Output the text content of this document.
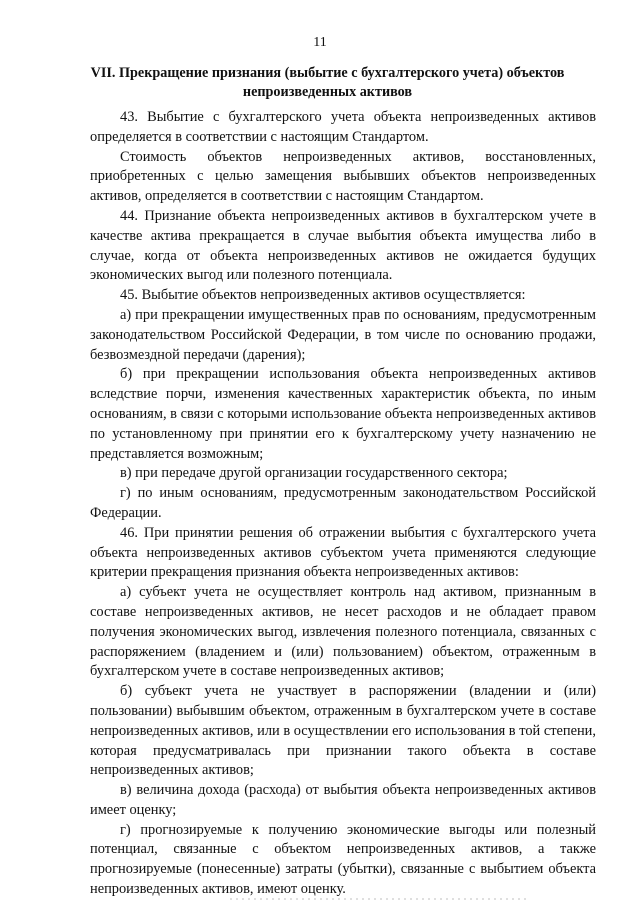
11
VII. Прекращение признания (выбытие с бухгалтерского учета) объектов непроизведенных активов

43. Выбытие с бухгалтерского учета объекта непроизведенных активов определяется в соответствии с настоящим Стандартом.

Стоимость объектов непроизведенных активов, восстановленных, приобретенных с целью замещения выбывших объектов непроизведенных активов, определяется в соответствии с настоящим Стандартом.

44. Признание объекта непроизведенных активов в бухгалтерском учете в качестве актива прекращается в случае выбытия объекта имущества либо в случае, когда от объекта непроизведенных активов не ожидается будущих экономических выгод или полезного потенциала.

45. Выбытие объектов непроизведенных активов осуществляется:

а) при прекращении имущественных прав по основаниям, предусмотренным законодательством Российской Федерации, в том числе по основанию продажи, безвозмездной передачи (дарения);

б) при прекращении использования объекта непроизведенных активов вследствие порчи, изменения качественных характеристик объекта, по иным основаниям, в связи с которыми использование объекта непроизведенных активов по установленному при принятии его к бухгалтерскому учету назначению не представляется возможным;

в) при передаче другой организации государственного сектора;

г) по иным основаниям, предусмотренным законодательством Российской Федерации.

46. При принятии решения об отражении выбытия с бухгалтерского учета объекта непроизведенных активов субъектом учета применяются следующие критерии прекращения признания объекта непроизведенных активов:

а) субъект учета не осуществляет контроль над активом, признанным в составе непроизведенных активов, не несет расходов и не обладает правом получения экономических выгод, извлечения полезного потенциала, связанных с распоряжением (владением и (или) пользованием) объектом, отраженным в бухгалтерском учете в составе непроизведенных активов;

б) субъект учета не участвует в распоряжении (владении и (или) пользовании) выбывшим объектом, отраженным в бухгалтерском учете в составе непроизведенных активов, или в осуществлении его использования в той степени, которая предусматривалась при признании такого объекта в составе непроизведенных активов;

в) величина дохода (расхода) от выбытия объекта непроизведенных активов имеет оценку;

г) прогнозируемые к получению экономические выгоды или полезный потенциал, связанные с объектом непроизведенных активов, а также прогнозируемые (понесенные) затраты (убытки), связанные с выбытием объекта непроизведенных активов, имеют оценку.
